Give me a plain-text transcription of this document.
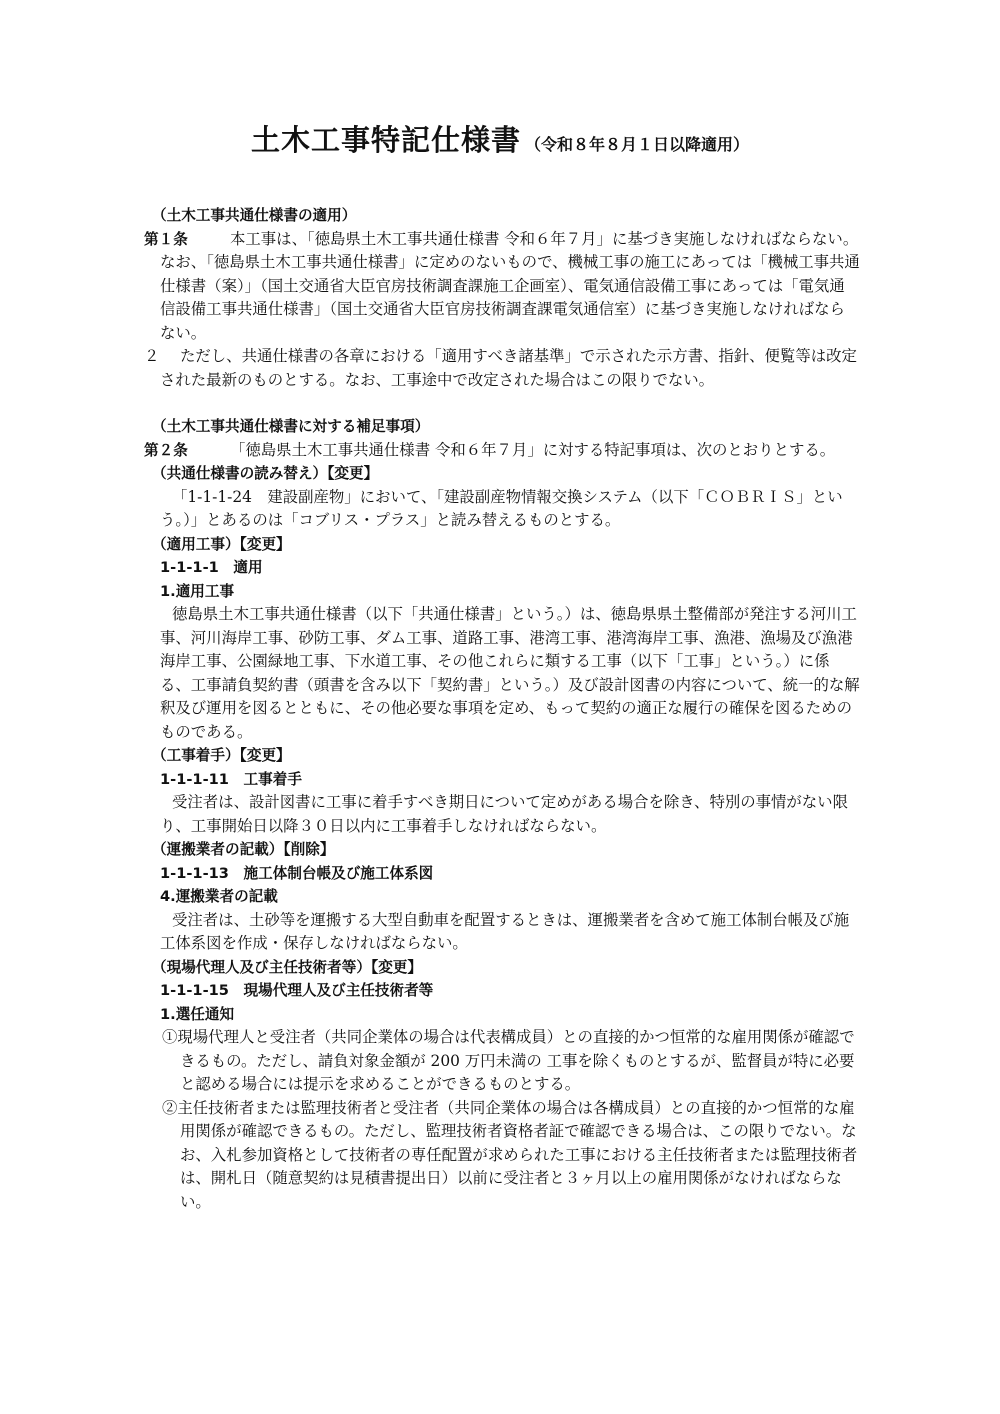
土木工事特記仕様書 （令和８年８月１日以降適用）
（土木工事共通仕様書の適用）
第１条	本工事は、「徳島県土木工事共通仕様書 令和６年７月」に基づき実施しなければならない。なお、「徳島県土木工事共通仕様書」に定めのないもので、機械工事の施工にあっては「機械工事共通仕様書（案）」（国土交通省大臣官房技術調査課施工企画室）、電気通信設備工事にあっては「電気通信設備工事共通仕様書」（国土交通省大臣官房技術調査課電気通信室）に基づき実施しなければならない。
２ ただし、共通仕様書の各章における「適用すべき諸基準」で示された示方書、指針、便覧等は改定された最新のものとする。なお、工事途中で改定された場合はこの限りでない。
（土木工事共通仕様書に対する補足事項）
第２条	「徳島県土木工事共通仕様書 令和６年７月」に対する特記事項は、次のとおりとする。
（共通仕様書の読み替え）【変更】
「1-1-1-24　建設副産物」において、「建設副産物情報交換システム（以下「ＣＯＢＲＩＳ」という。）」とあるのは「コブリス・プラス」と読み替えるものとする。
（適用工事）【変更】
1-1-1-1　適用
1.適用工事
徳島県土木工事共通仕様書（以下「共通仕様書」という。）は、徳島県県土整備部が発注する河川工事、河川海岸工事、砂防工事、ダム工事、道路工事、港湾工事、港湾海岸工事、漁港、漁場及び漁港海岸工事、公園緑地工事、下水道工事、その他これらに類する工事（以下「工事」という。）に係る、工事請負契約書（頭書を含み以下「契約書」という。）及び設計図書の内容について、統一的な解釈及び運用を図るとともに、その他必要な事項を定め、もって契約の適正な履行の確保を図るためのものである。
（工事着手）【変更】
1-1-1-11　工事着手
受注者は、設計図書に工事に着手すべき期日について定めがある場合を除き、特別の事情がない限り、工事開始日以降３０日以内に工事着手しなければならない。
（運搬業者の記載）【削除】
1-1-1-13　施工体制台帳及び施工体系図
4.運搬業者の記載
受注者は、土砂等を運搬する大型自動車を配置するときは、運搬業者を含めて施工体制台帳及び施工体系図を作成・保存しなければならない。
（現場代理人及び主任技術者等）【変更】
1-1-1-15　現場代理人及び主任技術者等
1.選任通知
①現場代理人と受注者（共同企業体の場合は代表構成員）との直接的かつ恒常的な雇用関係が確認できるもの。ただし、請負対象金額が 200 万円未満の 工事を除くものとするが、監督員が特に必要と認める場合には提示を求めることができるものとする。
②主任技術者または監理技術者と受注者（共同企業体の場合は各構成員）との直接的かつ恒常的な雇用関係が確認できるもの。ただし、監理技術者資格者証で確認できる場合は、この限りでない。なお、入札参加資格として技術者の専任配置が求められた工事における主任技術者または監理技術者は、開札日（随意契約は見積書提出日）以前に受注者と３ヶ月以上の雇用関係がなければならない。
